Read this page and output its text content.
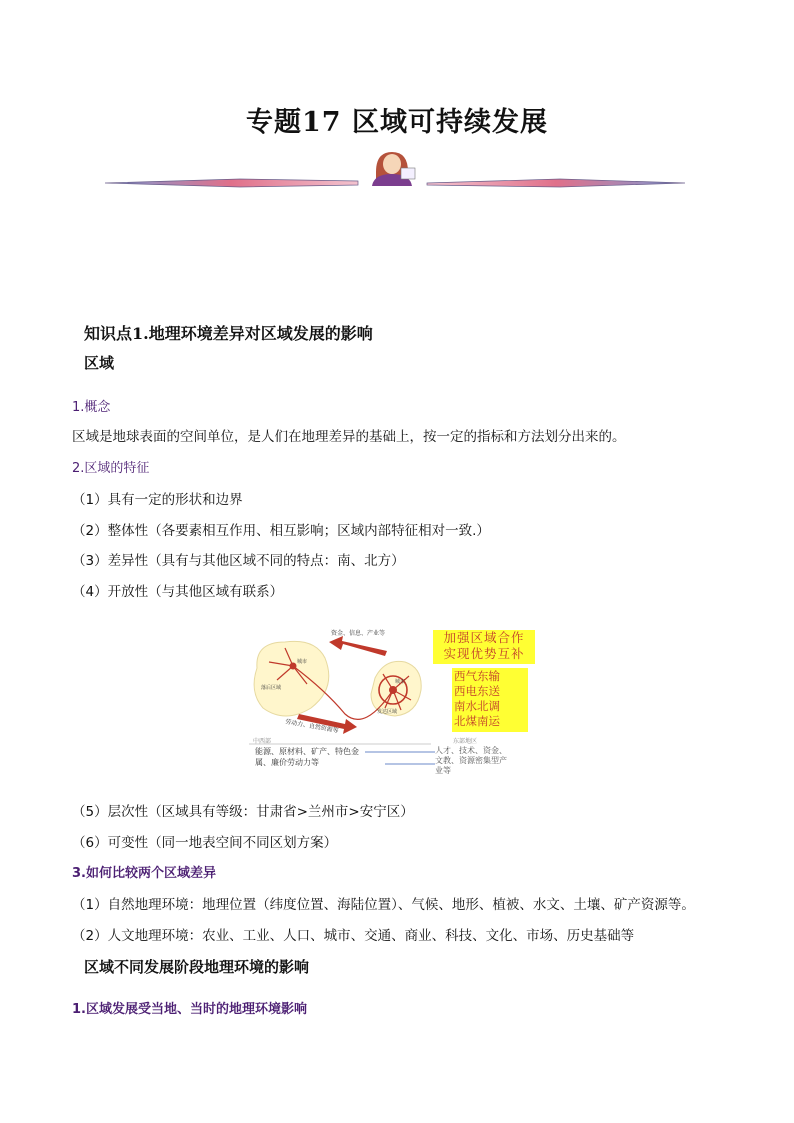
专题17 区域可持续发展
知识点1.地理环境差异对区域发展的影响
区域
1.概念
区域是地球表面的空间单位，是人们在地理差异的基础上，按一定的指标和方法划分出来的。
2.区域的特征
（1）具有一定的形状和边界
（2）整体性（各要素相互作用、相互影响；区域内部特征相对一致.）
（3）差异性（具有与其他区域不同的特点：南、北方）
（4）开放性（与其他区域有联系）
资金、信息、产业等
劳动力、自然资源等
城市
落后区域
城市
发达区域
中西部	东部地区
能源、原材料、矿产、特色金
属、廉价劳动力等
人才、技术、资金、
文教、资源密集型产
业等
加强区域合作
实现优势互补
西气东输
西电东送
南水北调
北煤南运
（5）层次性（区域具有等级：甘肃省>兰州市>安宁区）
（6）可变性（同一地表空间不同区划方案）
3.如何比较两个区域差异
（1）自然地理环境：地理位置（纬度位置、海陆位置）、气候、地形、植被、水文、土壤、矿产资源等。
（2）人文地理环境：农业、工业、人口、城市、交通、商业、科技、文化、市场、历史基础等
区域不同发展阶段地理环境的影响
1.区域发展受当地、当时的地理环境影响
